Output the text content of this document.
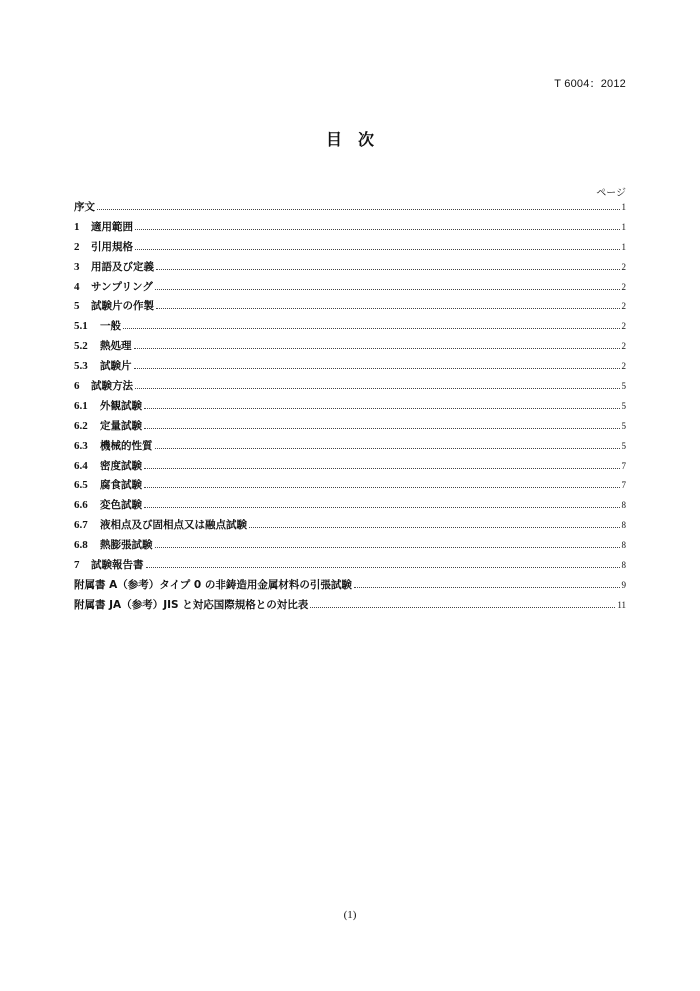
T 6004：2012
目 次
ページ
序文	1
1	適用範囲	1
2	引用規格	1
3	用語及び定義	2
4	サンプリング	2
5	試験片の作製	2
5.1	一般	2
5.2	熱処理	2
5.3	試験片	2
6	試験方法	5
6.1	外観試験	5
6.2	定量試験	5
6.3	機械的性質	5
6.4	密度試験	7
6.5	腐食試験	7
6.6	変色試験	8
6.7	液相点及び固相点又は融点試験	8
6.8	熱膨張試験	8
7	試験報告書	8
附属書 A（参考）タイプ 0 の非鋳造用金属材料の引張試験	9
附属書 JA（参考）JIS と対応国際規格との対比表	11
(1)
